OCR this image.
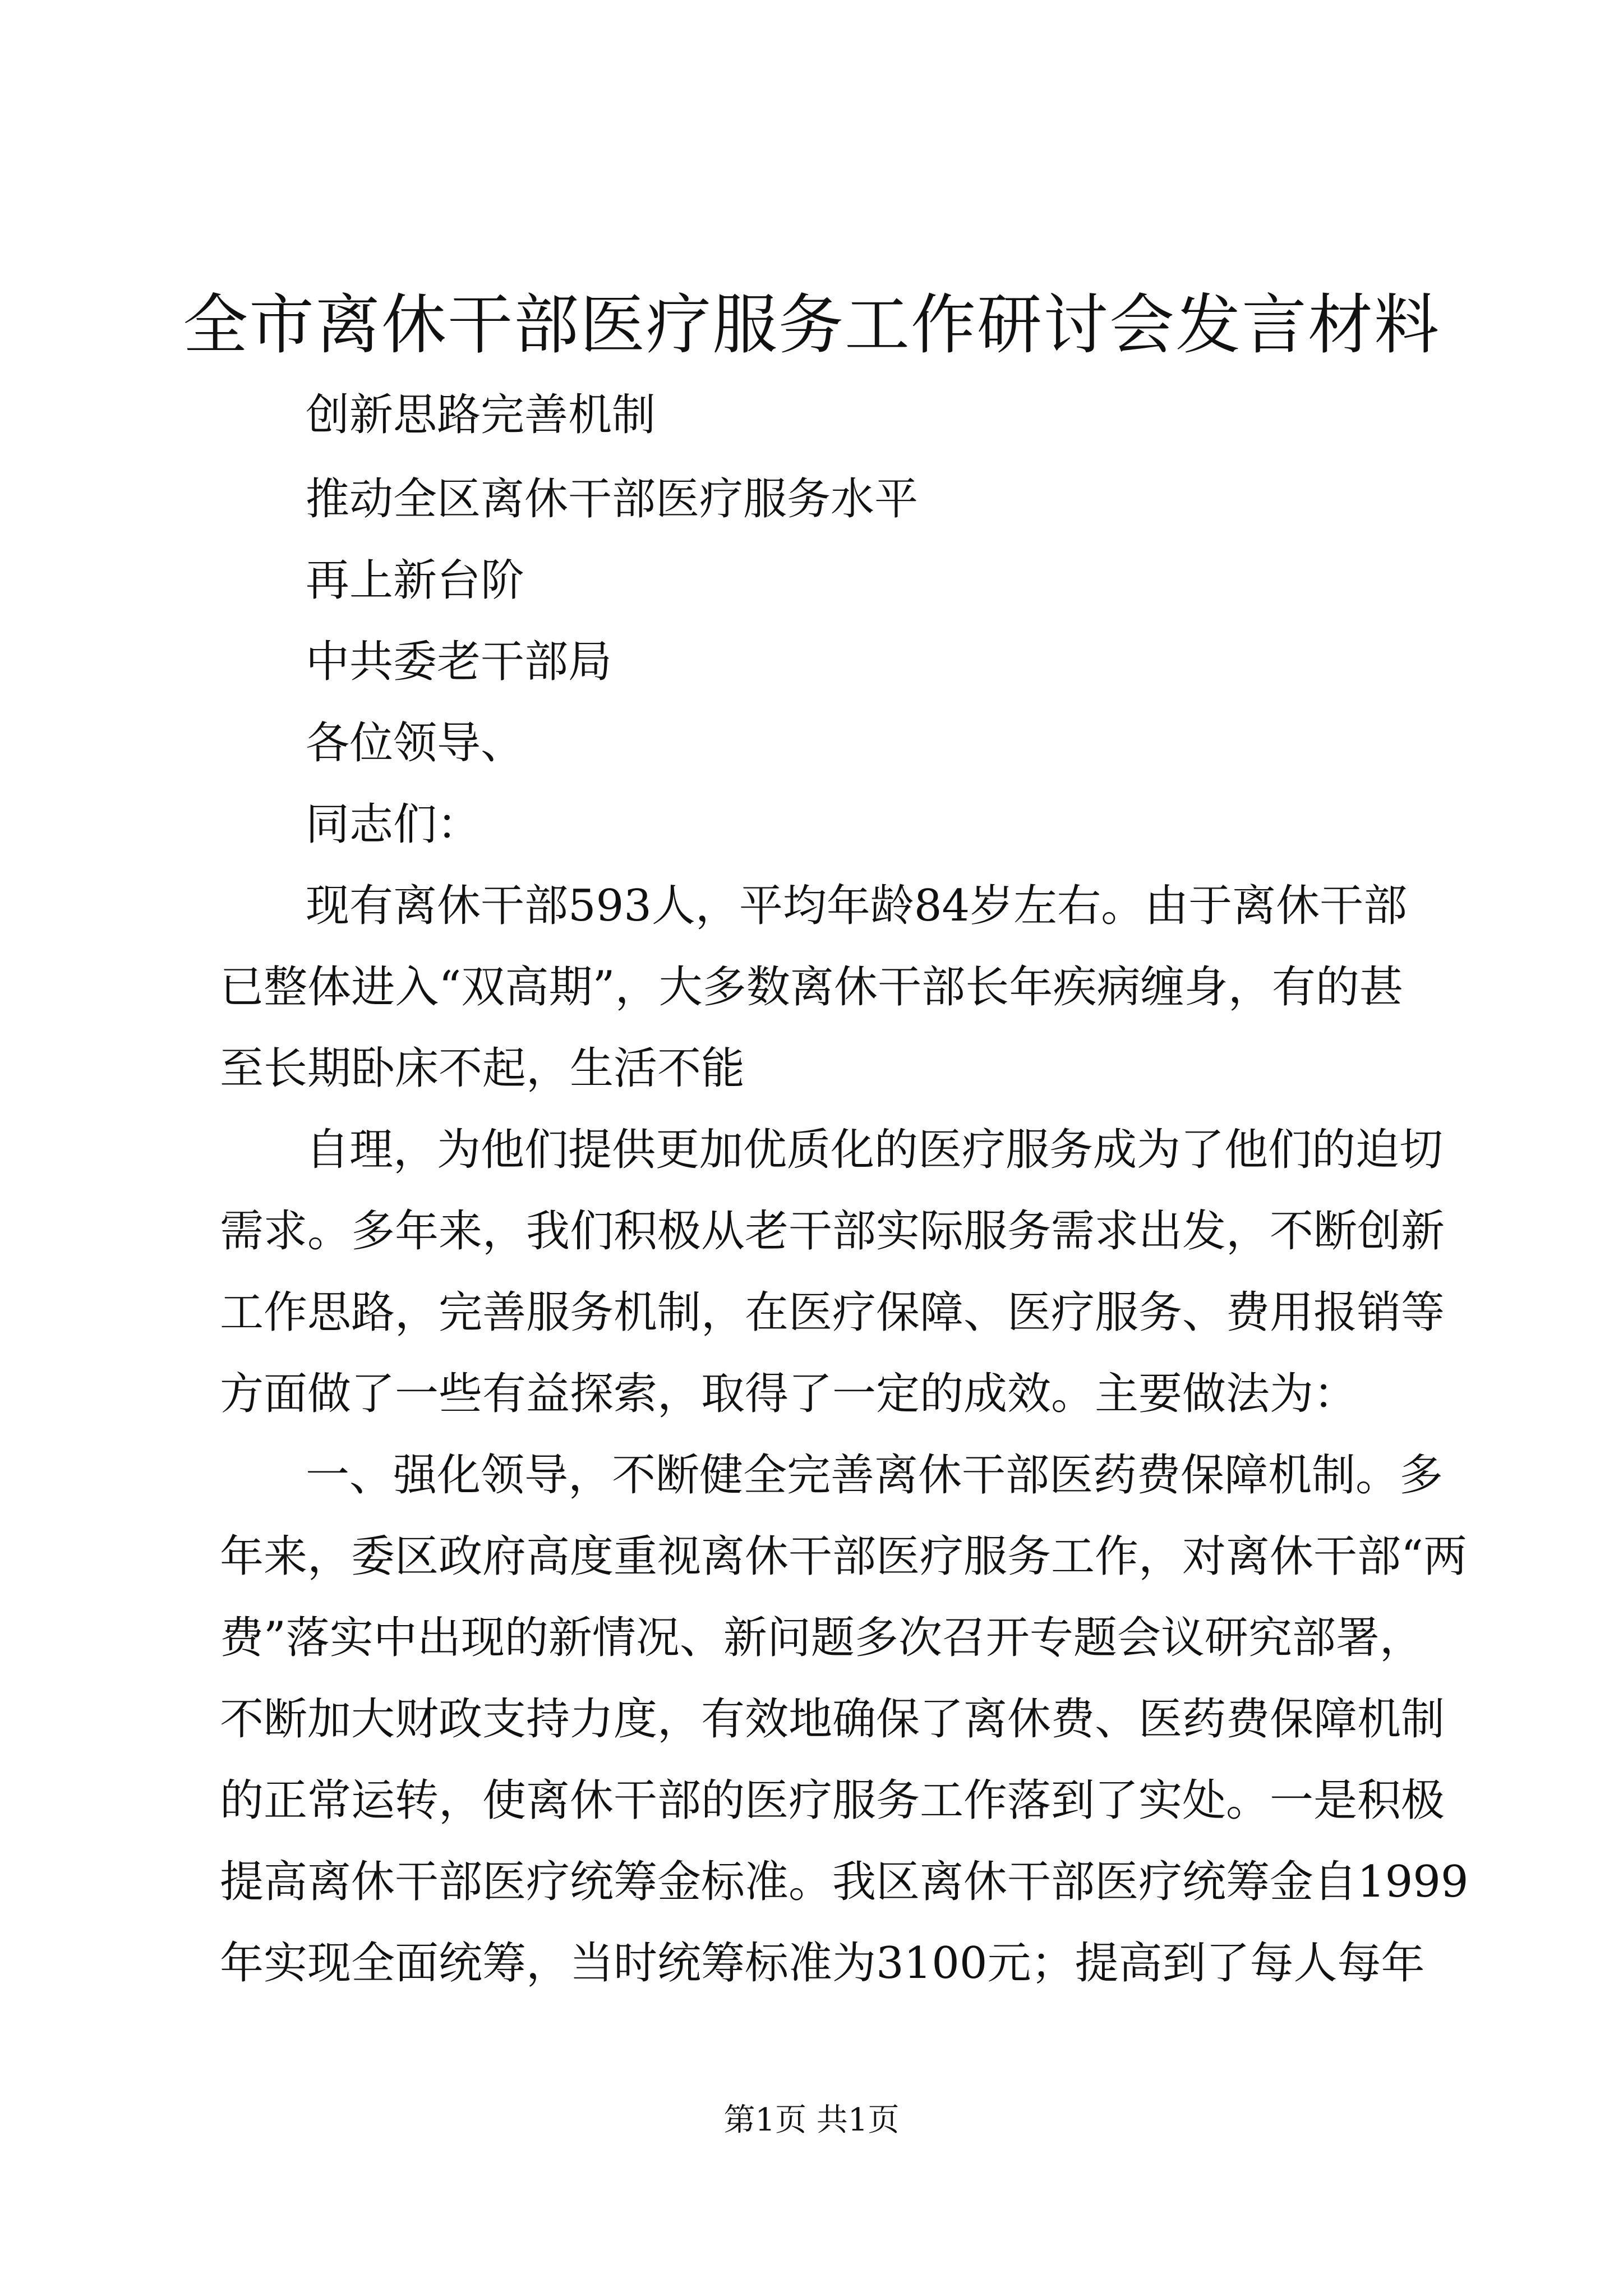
全市离休干部医疗服务工作研讨会发言材料

创新思路完善机制

推动全区离休干部医疗服务水平

再上新台阶

中共委老干部局

各位领导、

同志们：

现有离休干部593人，平均年龄84岁左右。由于离休干部

已整体进入“双高期”，大多数离休干部长年疾病缠身，有的甚

至长期卧床不起，生活不能

自理，为他们提供更加优质化的医疗服务成为了他们的迫切

需求。多年来，我们积极从老干部实际服务需求出发，不断创新

工作思路，完善服务机制，在医疗保障、医疗服务、费用报销等

方面做了一些有益探索，取得了一定的成效。主要做法为：

一、强化领导，不断健全完善离休干部医药费保障机制。多

年来，委区政府高度重视离休干部医疗服务工作，对离休干部“两

费”落实中出现的新情况、新问题多次召开专题会议研究部署，

不断加大财政支持力度，有效地确保了离休费、医药费保障机制

的正常运转，使离休干部的医疗服务工作落到了实处。一是积极

提高离休干部医疗统筹金标准。我区离休干部医疗统筹金自1999

年实现全面统筹，当时统筹标准为3100元；提高到了每人每年

第1页 共1页
